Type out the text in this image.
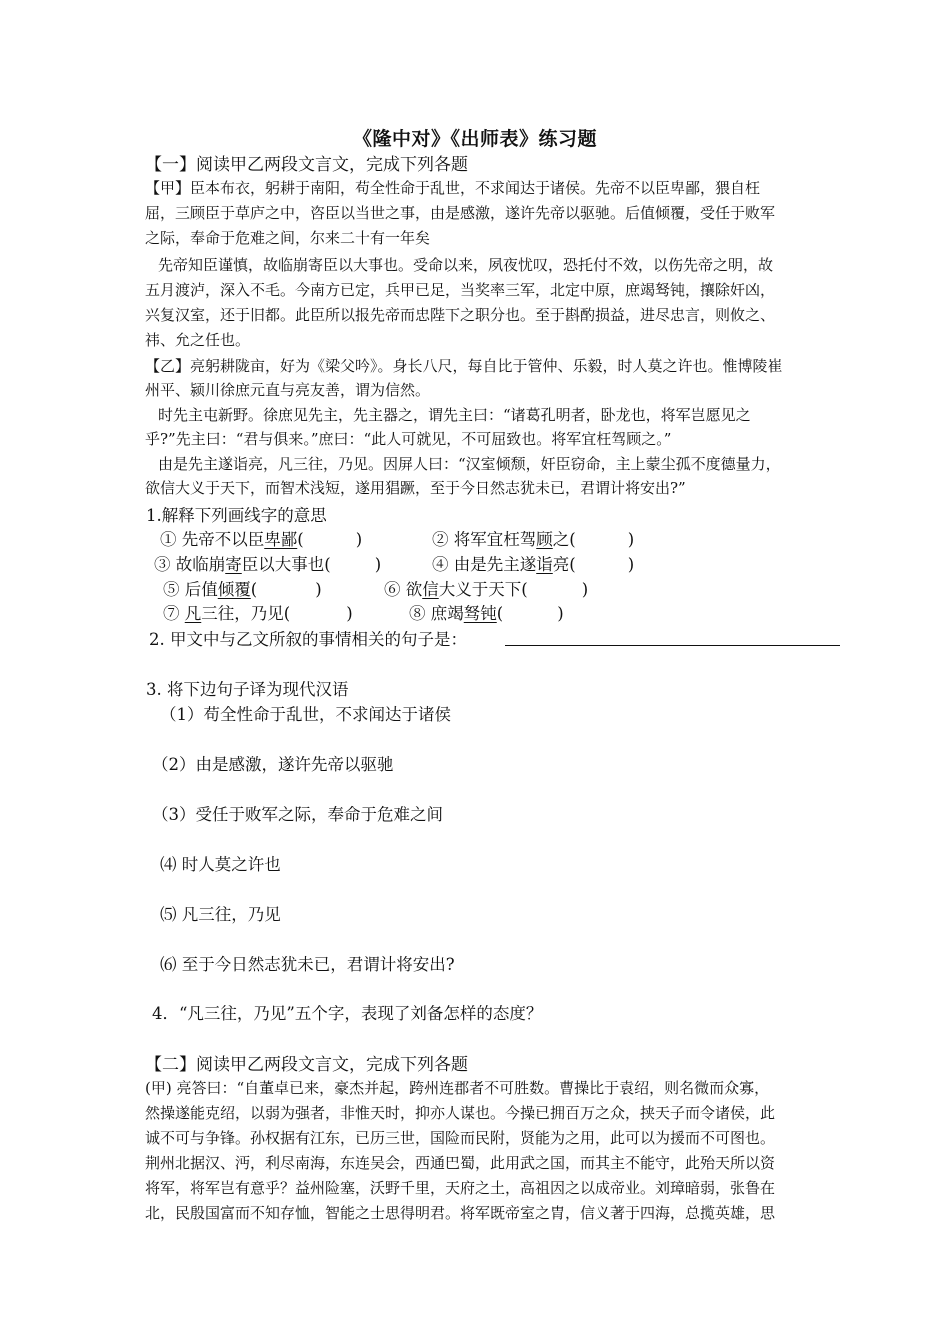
《隆中对》《出师表》练习题
【一】阅读甲乙两段文言文，完成下列各题
【甲】臣本布衣，躬耕于南阳，苟全性命于乱世，不求闻达于诸侯。先帝不以臣卑鄙，猥自枉
屈，三顾臣于草庐之中，咨臣以当世之事，由是感激，遂许先帝以驱驰。后值倾覆，受任于败军
之际，奉命于危难之间，尔来二十有一年矣
先帝知臣谨慎，故临崩寄臣以大事也。受命以来，夙夜忧叹，恐托付不效，以伤先帝之明，故
五月渡泸，深入不毛。今南方已定，兵甲已足，当奖率三军，北定中原，庶竭驽钝，攘除奸凶，
兴复汉室，还于旧都。此臣所以报先帝而忠陛下之职分也。至于斟酌损益，进尽忠言，则攸之、
祎、允之任也。
【乙】亮躬耕陇亩，好为《梁父吟》。身长八尺，每自比于管仲、乐毅，时人莫之许也。惟博陵崔
州平、颍川徐庶元直与亮友善，谓为信然。
时先主屯新野。徐庶见先主，先主器之，谓先主曰：“诸葛孔明者，卧龙也，将军岂愿见之
乎?”先主曰：“君与俱来。”庶曰：“此人可就见，不可屈致也。将军宜枉驾顾之。”
由是先主遂诣亮，凡三往，乃见。因屏人曰：“汉室倾颓，奸臣窃命，主上蒙尘孤不度德量力，
欲信大义于天下，而智术浅短，遂用猖蹶，至于今日然志犹未已，君谓计将安出?”
1.解释下列画线字的意思
① 先帝不以臣卑鄙(	)	② 将军宜枉驾顾之(	)
③ 故临崩寄臣以大事也(	)	④ 由是先主遂诣亮(	)
⑤ 后值倾覆(	)	⑥ 欲信大义于天下(	)
⑦ 凡三往，乃见(	)	⑧ 庶竭驽钝(	)
2. 甲文中与乙文所叙的事情相关的句子是：
3. 将下边句子译为现代汉语
（1）苟全性命于乱世，不求闻达于诸侯
（2）由是感激，遂许先帝以驱驰
（3）受任于败军之际，奉命于危难之间
⑷ 时人莫之许也
⑸ 凡三往，乃见
⑹ 至于今日然志犹未已，君谓计将安出?
4．“凡三往，乃见”五个字，表现了刘备怎样的态度？
【二】阅读甲乙两段文言文，完成下列各题
(甲) 亮答曰：“自董卓已来，豪杰并起，跨州连郡者不可胜数。曹操比于袁绍，则名微而众寡，
然操遂能克绍，以弱为强者，非惟天时，抑亦人谋也。今操已拥百万之众，挟天子而令诸侯，此
诚不可与争锋。孙权据有江东，已历三世，国险而民附，贤能为之用，此可以为援而不可图也。
荆州北据汉、沔，利尽南海，东连吴会，西通巴蜀，此用武之国，而其主不能守，此殆天所以资
将军，将军岂有意乎？益州险塞，沃野千里，天府之土，高祖因之以成帝业。刘璋暗弱，张鲁在
北，民殷国富而不知存恤，智能之士思得明君。将军既帝室之胄，信义著于四海，总揽英雄，思
